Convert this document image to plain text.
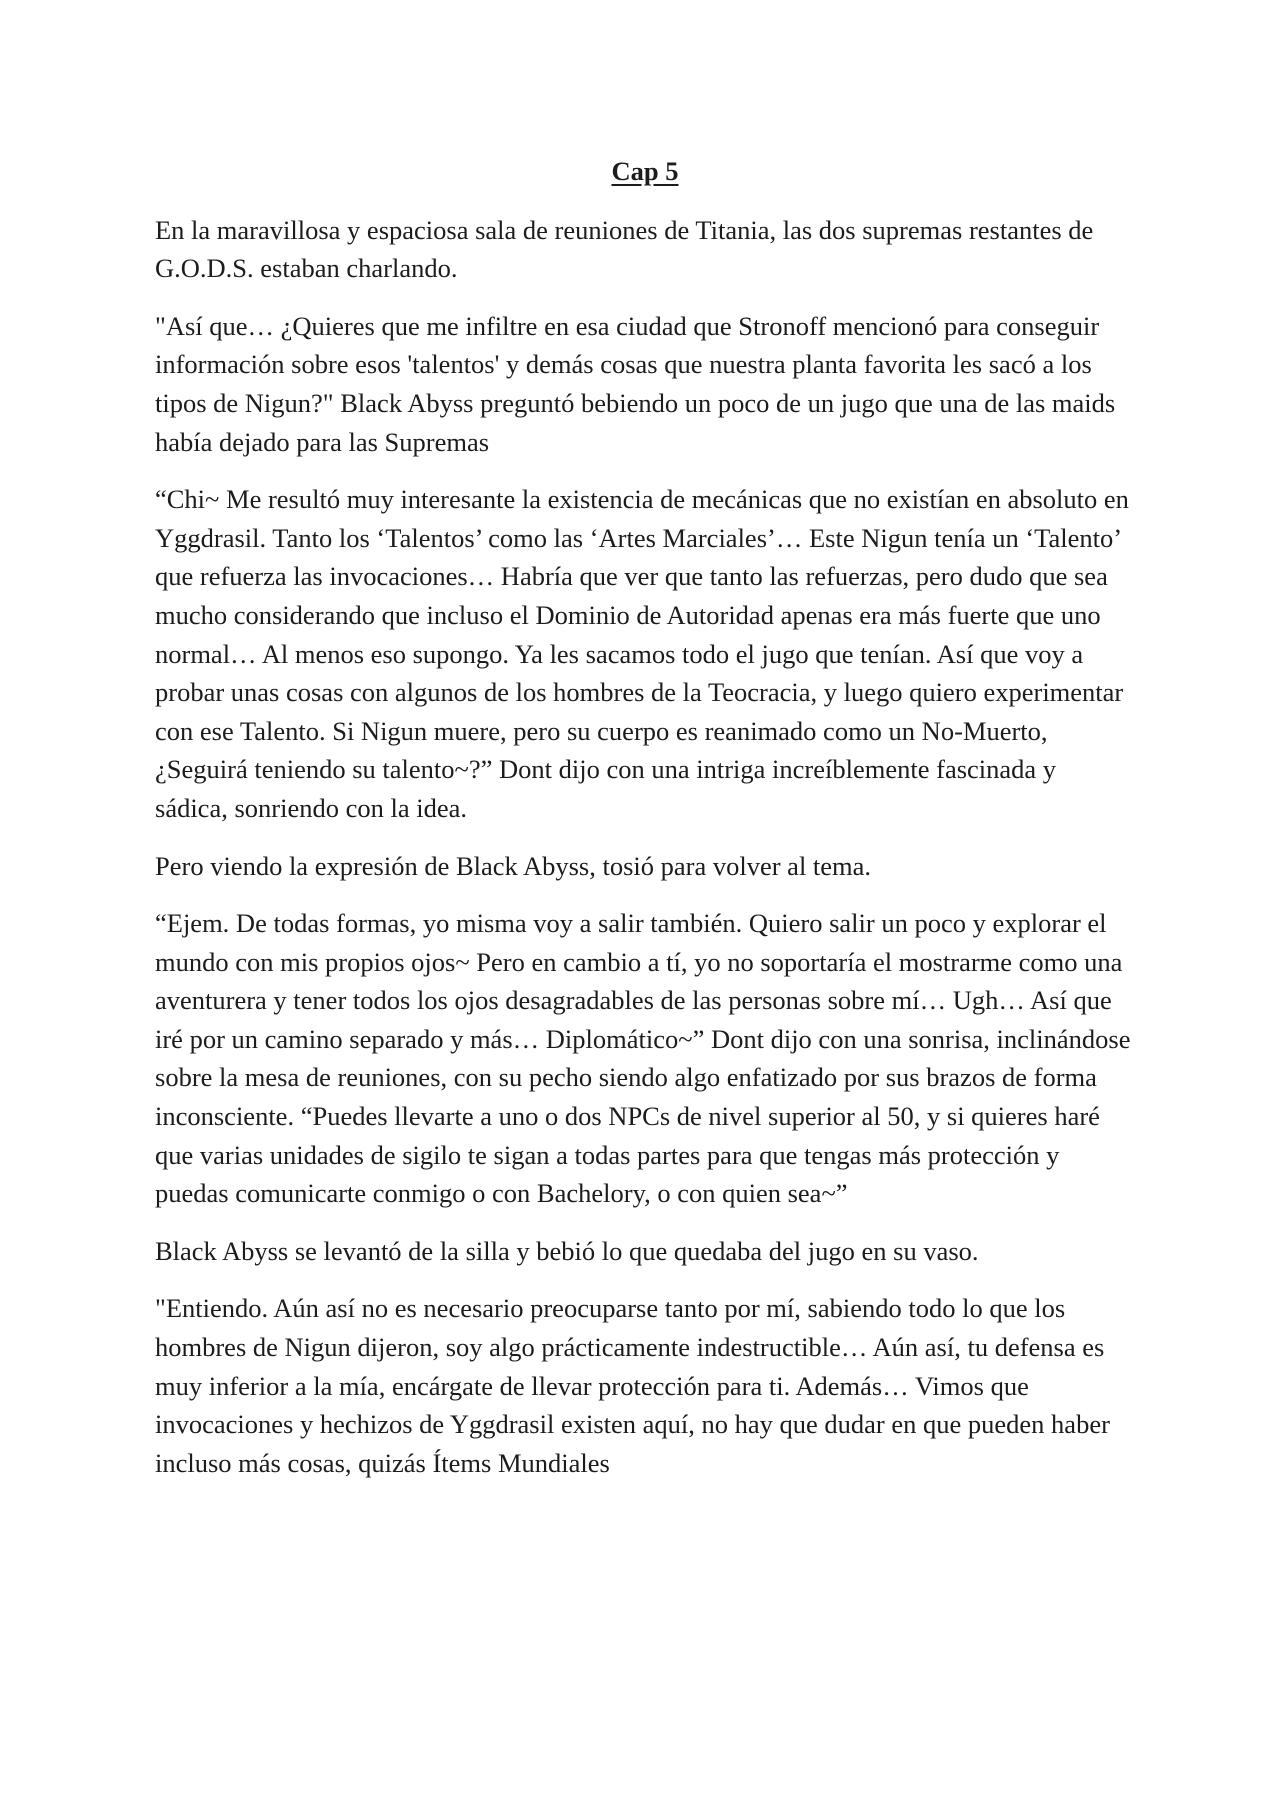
Cap 5

En la maravillosa y espaciosa sala de reuniones de Titania, las dos supremas restantes de G.O.D.S. estaban charlando.

"Así que… ¿Quieres que me infiltre en esa ciudad que Stronoff mencionó para conseguir información sobre esos 'talentos' y demás cosas que nuestra planta favorita les sacó a los tipos de Nigun?" Black Abyss preguntó bebiendo un poco de un jugo que una de las maids había dejado para las Supremas

“Chi~ Me resultó muy interesante la existencia de mecánicas que no existían en absoluto en Yggdrasil. Tanto los ‘Talentos’ como las ‘Artes Marciales’… Este Nigun tenía un ‘Talento’ que refuerza las invocaciones… Habría que ver que tanto las refuerzas, pero dudo que sea mucho considerando que incluso el Dominio de Autoridad apenas era más fuerte que uno normal… Al menos eso supongo. Ya les sacamos todo el jugo que tenían. Así que voy a probar unas cosas con algunos de los hombres de la Teocracia, y luego quiero experimentar con ese Talento. Si Nigun muere, pero su cuerpo es reanimado como un No-Muerto, ¿Seguirá teniendo su talento~?” Dont dijo con una intriga increíblemente fascinada y sádica, sonriendo con la idea.

Pero viendo la expresión de Black Abyss, tosió para volver al tema.

“Ejem. De todas formas, yo misma voy a salir también. Quiero salir un poco y explorar el mundo con mis propios ojos~ Pero en cambio a tí, yo no soportaría el mostrarme como una aventurera y tener todos los ojos desagradables de las personas sobre mí… Ugh… Así que iré por un camino separado y más… Diplomático~” Dont dijo con una sonrisa, inclinándose sobre la mesa de reuniones, con su pecho siendo algo enfatizado por sus brazos de forma inconsciente. “Puedes llevarte a uno o dos NPCs de nivel superior al 50, y si quieres haré que varias unidades de sigilo te sigan a todas partes para que tengas más protección y puedas comunicarte conmigo o con Bachelory, o con quien sea~”

Black Abyss se levantó de la silla y bebió lo que quedaba del jugo en su vaso.

"Entiendo. Aún así no es necesario preocuparse tanto por mí, sabiendo todo lo que los hombres de Nigun dijeron, soy algo prácticamente indestructible… Aún así, tu defensa es muy inferior a la mía, encárgate de llevar protección para ti. Además… Vimos que invocaciones y hechizos de Yggdrasil existen aquí, no hay que dudar en que pueden haber incluso más cosas, quizás Ítems Mundiales
